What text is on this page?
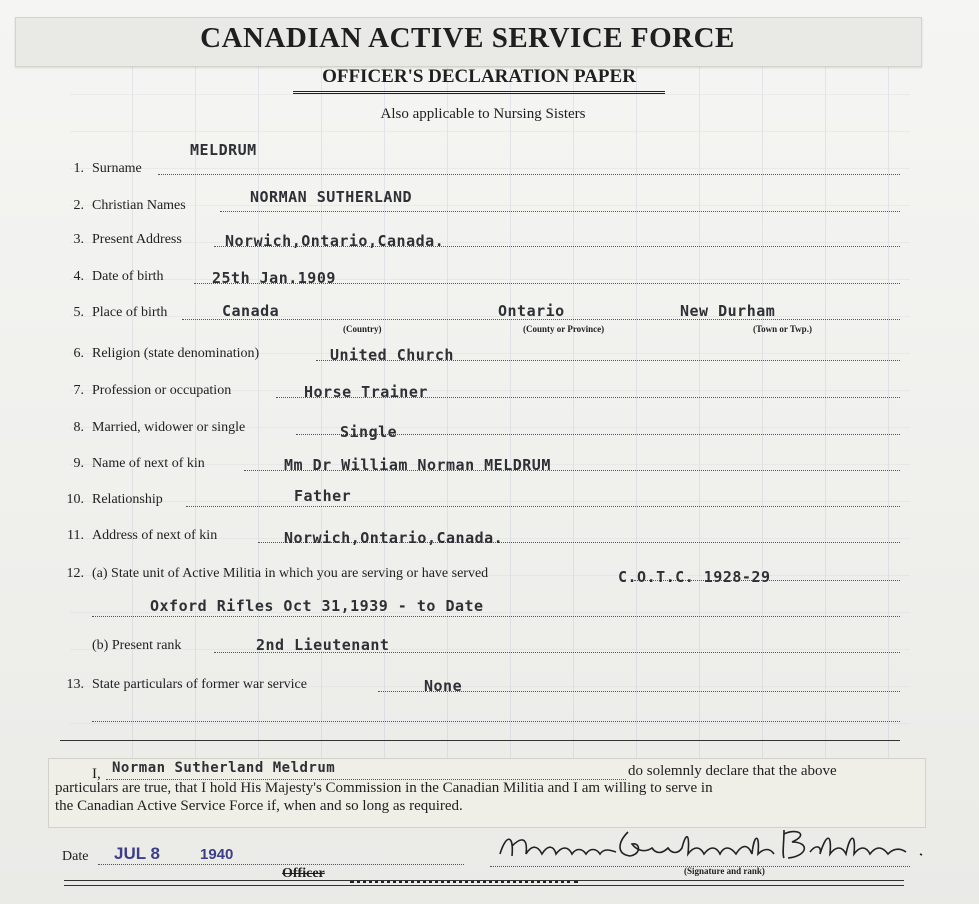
CANADIAN ACTIVE SERVICE FORCE
OFFICER'S DECLARATION PAPER
Also applicable to Nursing Sisters
1. Surname
MELDRUM
2. Christian Names	NORMAN SUTHERLAND
3. Present Address	Norwich,Ontario,Canada.
4. Date of birth	25th Jan.1909
5. Place of birth	Canada	Ontario	New Durham
(Country)	(County or Province)	(Town or Twp.)
6. Religion (state denomination)	United Church
7. Profession or occupation	Horse Trainer
8. Married, widower or single	Single
9. Name of next of kin	Mm Dr William Norman MELDRUM
10. Relationship	Father
11. Address of next of kin	Norwich,Ontario,Canada.
12. (a) State unit of Active Militia in which you are serving or have served	C.O.T.C. 1928-29
Oxford Rifles Oct 31,1939 - to Date
(b) Present rank	2nd Lieutenant
13. State particulars of former war service	None
I, Norman Sutherland Meldrum	do solemnly declare that the above
particulars are true, that I hold His Majesty's Commission in the Canadian Militia and I am willing to serve in
the Canadian Active Service Force if, when and so long as required.
Date JUL 8	1940
(Signature and rank)
Officer
